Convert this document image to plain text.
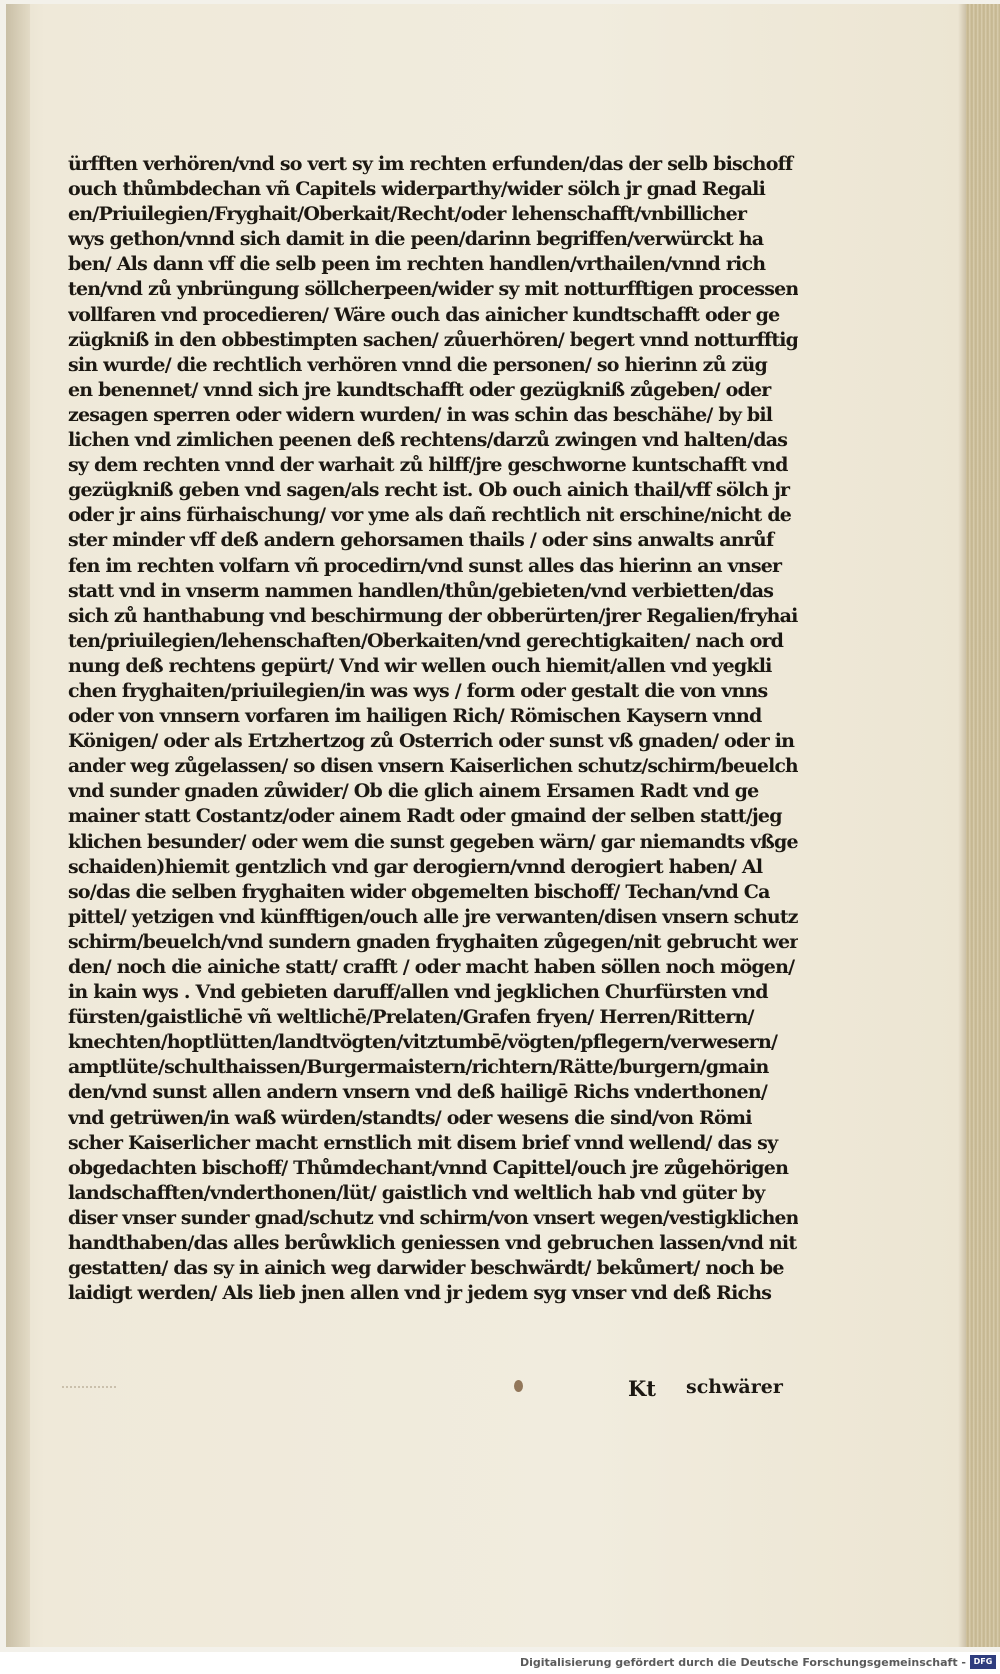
ürfften verhören/vnd so vert sy im rechten erfunden/das der selb bischoff
ouch thůmbdechan vñ Capitels widerparthy/wider sölch jr gnad Regali
en/Priuilegien/Fryghait/Oberkait/Recht/oder lehenschafft/vnbillicher
wys gethon/vnnd sich damit in die peen/darinn begriffen/verwürckt ha
ben/ Als dann vff die selb peen im rechten handlen/vrthailen/vnnd rich
ten/vnd zů ynbrüngung söllcherpeen/wider sy mit notturfftigen processen
vollfaren vnd procedieren/ Wäre ouch das ainicher kundtschafft oder ge
zügkniß in den obbestimpten sachen/ zůuerhören/ begert vnnd notturfftig
sin wurde/ die rechtlich verhören vnnd die personen/ so hierinn zů züg
en benennet/ vnnd sich jre kundtschafft oder gezügkniß zůgeben/ oder
zesagen sperren oder widern wurden/ in was schin das beschähe/ by bil
lichen vnd zimlichen peenen deß rechtens/darzů zwingen vnd halten/das
sy dem rechten vnnd der warhait zů hilff/jre geschworne kuntschafft vnd
gezügkniß geben vnd sagen/als recht ist. Ob ouch ainich thail/vff sölch jr
oder jr ains fürhaischung/ vor yme als dañ rechtlich nit erschine/nicht de
ster minder vff deß andern gehorsamen thails / oder sins anwalts anrůf
fen im rechten volfarn vñ procedirn/vnd sunst alles das hierinn an vnser
statt vnd in vnserm nammen handlen/thůn/gebieten/vnd verbietten/das
sich zů hanthabung vnd beschirmung der obberürten/jrer Regalien/fryhai
ten/priuilegien/lehenschaften/Oberkaiten/vnd gerechtigkaiten/ nach ord
nung deß rechtens gepürt/ Vnd wir wellen ouch hiemit/allen vnd yegkli
chen fryghaiten/priuilegien/in was wys / form oder gestalt die von vnns
oder von vnnsern vorfaren im hailigen Rich/ Römischen Kaysern vnnd
Königen/ oder als Ertzhertzog zů Osterrich oder sunst vß gnaden/ oder in
ander weg zůgelassen/ so disen vnsern Kaiserlichen schutz/schirm/beuelch
vnd sunder gnaden zůwider/ Ob die glich ainem Ersamen Radt vnd ge
mainer statt Costantz/oder ainem Radt oder gmaind der selben statt/jeg
klichen besunder/ oder wem die sunst gegeben wärn/ gar niemandts vßge
schaiden)hiemit gentzlich vnd gar derogiern/vnnd derogiert haben/ Al
so/das die selben fryghaiten wider obgemelten bischoff/ Techan/vnd Ca
pittel/ yetzigen vnd künfftigen/ouch alle jre verwanten/disen vnsern schutz
schirm/beuelch/vnd sundern gnaden fryghaiten zůgegen/nit gebrucht wer
den/ noch die ainiche statt/ crafft / oder macht haben söllen noch mögen/
in kain wys . Vnd gebieten daruff/allen vnd jegklichen Churfürsten vnd
fürsten/gaistlichē vñ weltlichē/Prelaten/Grafen fryen/ Herren/Rittern/
knechten/hoptlütten/landtvögten/vitztumbē/vögten/pflegern/verwesern/
amptlüte/schulthaissen/Burgermaistern/richtern/Rätte/burgern/gmain
den/vnd sunst allen andern vnsern vnd deß hailigē Richs vnderthonen/
vnd getrüwen/in waß würden/standts/ oder wesens die sind/von Römi
scher Kaiserlicher macht ernstlich mit disem brief vnnd wellend/ das sy
obgedachten bischoff/ Thůmdechant/vnnd Capittel/ouch jre zůgehörigen
landschafften/vnderthonen/lüt/ gaistlich vnd weltlich hab vnd güter by
diser vnser sunder gnad/schutz vnd schirm/von vnsert wegen/vestigklichen
handthaben/das alles berůwklich geniessen vnd gebruchen lassen/vnd nit
gestatten/ das sy in ainich weg darwider beschwärdt/ bekůmert/ noch be
laidigt werden/ Als lieb jnen allen vnd jr jedem syg vnser vnd deß Richs
Kt schwärer
Digitalisierung gefördert durch die Deutsche Forschungsgemeinschaft - DFG
